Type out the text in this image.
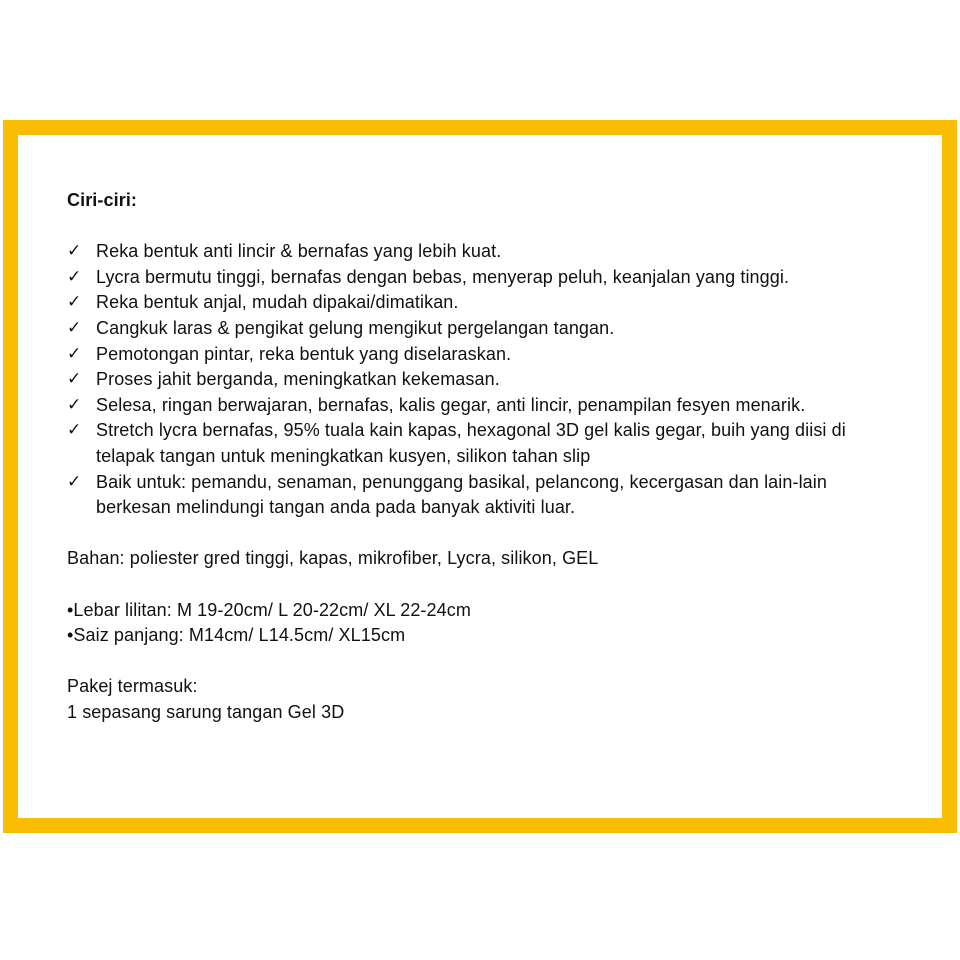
Ciri-ciri:

✓ Reka bentuk anti lincir & bernafas yang lebih kuat.
✓ Lycra bermutu tinggi, bernafas dengan bebas, menyerap peluh, keanjalan yang tinggi.
✓ Reka bentuk anjal, mudah dipakai/dimatikan.
✓ Cangkuk laras & pengikat gelung mengikut pergelangan tangan.
✓ Pemotongan pintar, reka bentuk yang diselaraskan.
✓ Proses jahit berganda, meningkatkan kekemasan.
✓ Selesa, ringan berwajaran, bernafas, kalis gegar, anti lincir, penampilan fesyen menarik.
✓ Stretch lycra bernafas, 95% tuala kain kapas, hexagonal 3D gel kalis gegar, buih yang diisi di telapak tangan untuk meningkatkan kusyen, silikon tahan slip
✓ Baik untuk: pemandu, senaman, penunggang basikal, pelancong, kecergasan dan lain-lain berkesan melindungi tangan anda pada banyak aktiviti luar.

Bahan: poliester gred tinggi, kapas, mikrofiber, Lycra, silikon, GEL

•Lebar lilitan: M 19-20cm/ L 20-22cm/ XL 22-24cm

•Saiz panjang: M14cm/ L14.5cm/ XL15cm

Pakej termasuk:

1 sepasang sarung tangan Gel 3D
